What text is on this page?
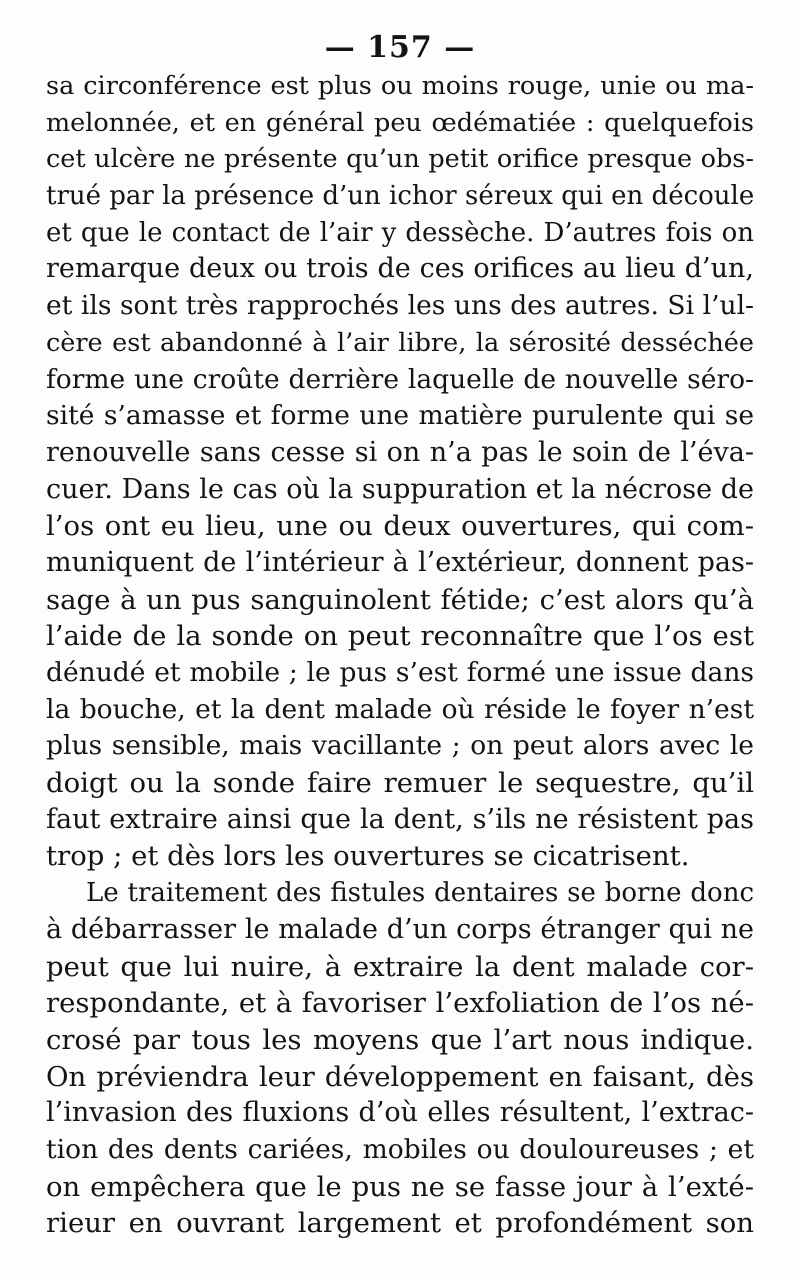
— 157 —
sa circonférence est plus ou moins rouge, unie ou ma-
melonnée, et en général peu œdématiée : quelquefois
cet ulcère ne présente qu’un petit orifice presque obs-
trué par la présence d’un ichor séreux qui en découle
et que le contact de l’air y dessèche. D’autres fois on
remarque deux ou trois de ces orifices au lieu d’un,
et ils sont très rapprochés les uns des autres. Si l’ul-
cère est abandonné à l’air libre, la sérosité desséchée
forme une croûte derrière laquelle de nouvelle séro-
sité s’amasse et forme une matière purulente qui se
renouvelle sans cesse si on n’a pas le soin de l’éva-
cuer. Dans le cas où la suppuration et la nécrose de
l’os ont eu lieu, une ou deux ouvertures, qui com-
muniquent de l’intérieur à l’extérieur, donnent pas-
sage à un pus sanguinolent fétide; c’est alors qu’à
l’aide de la sonde on peut reconnaître que l’os est
dénudé et mobile ; le pus s’est formé une issue dans
la bouche, et la dent malade où réside le foyer n’est
plus sensible, mais vacillante ; on peut alors avec le
doigt ou la sonde faire remuer le sequestre, qu’il
faut extraire ainsi que la dent, s’ils ne résistent pas
trop ; et dès lors les ouvertures se cicatrisent.
Le traitement des fistules dentaires se borne donc
à débarrasser le malade d’un corps étranger qui ne
peut que lui nuire, à extraire la dent malade cor-
respondante, et à favoriser l’exfoliation de l’os né-
crosé par tous les moyens que l’art nous indique.
On préviendra leur développement en faisant, dès
l’invasion des fluxions d’où elles résultent, l’extrac-
tion des dents cariées, mobiles ou douloureuses ; et
on empêchera que le pus ne se fasse jour à l’exté-
rieur en ouvrant largement et profondément son
